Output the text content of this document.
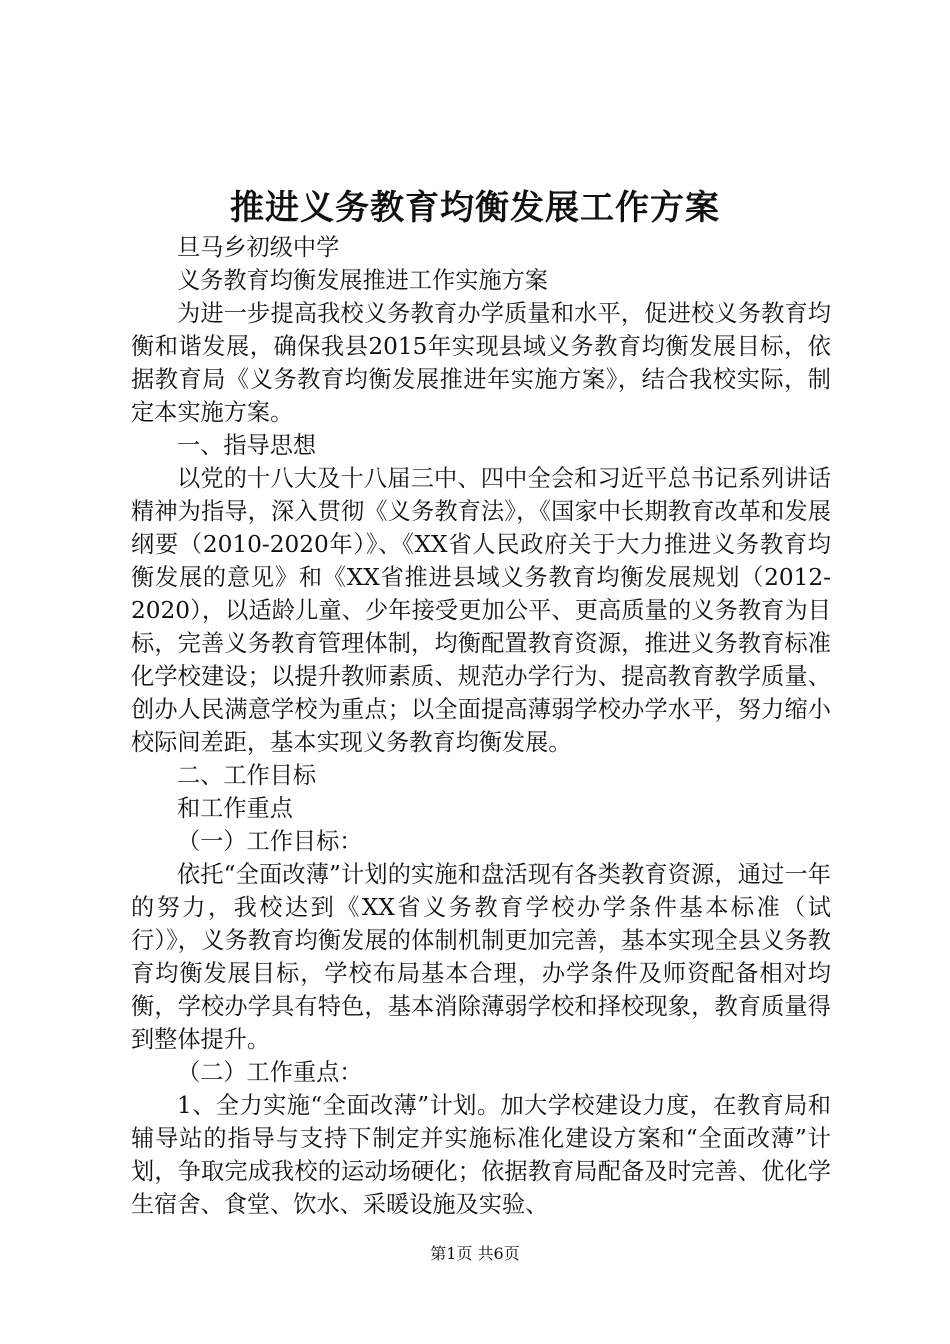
推进义务教育均衡发展工作方案

旦马乡初级中学

义务教育均衡发展推进工作实施方案

为进一步提高我校义务教育办学质量和水平，促进校义务教育均衡和谐发展，确保我县2015年实现县域义务教育均衡发展目标，依据教育局《义务教育均衡发展推进年实施方案》，结合我校实际，制定本实施方案。

一、指导思想

以党的十八大及十八届三中、四中全会和习近平总书记系列讲话精神为指导，深入贯彻《义务教育法》，《国家中长期教育改革和发展纲要（2010-2020年）》、《XX省人民政府关于大力推进义务教育均衡发展的意见》和《XX省推进县域义务教育均衡发展规划（2012-2020），以适龄儿童、少年接受更加公平、更高质量的义务教育为目标，完善义务教育管理体制，均衡配置教育资源，推进义务教育标准化学校建设；以提升教师素质、规范办学行为、提高教育教学质量、创办人民满意学校为重点；以全面提高薄弱学校办学水平，努力缩小校际间差距，基本实现义务教育均衡发展。

二、工作目标

和工作重点

（一）工作目标：

依托“全面改薄”计划的实施和盘活现有各类教育资源，通过一年的努力，我校达到《XX省义务教育学校办学条件基本标准（试行）》，义务教育均衡发展的体制机制更加完善，基本实现全县义务教育均衡发展目标，学校布局基本合理，办学条件及师资配备相对均衡，学校办学具有特色，基本消除薄弱学校和择校现象，教育质量得到整体提升。

（二）工作重点：

1、全力实施“全面改薄”计划。加大学校建设力度，在教育局和辅导站的指导与支持下制定并实施标准化建设方案和“全面改薄”计划，争取完成我校的运动场硬化；依据教育局配备及时完善、优化学生宿舍、食堂、饮水、采暖设施及实验、

第1页 共6页
